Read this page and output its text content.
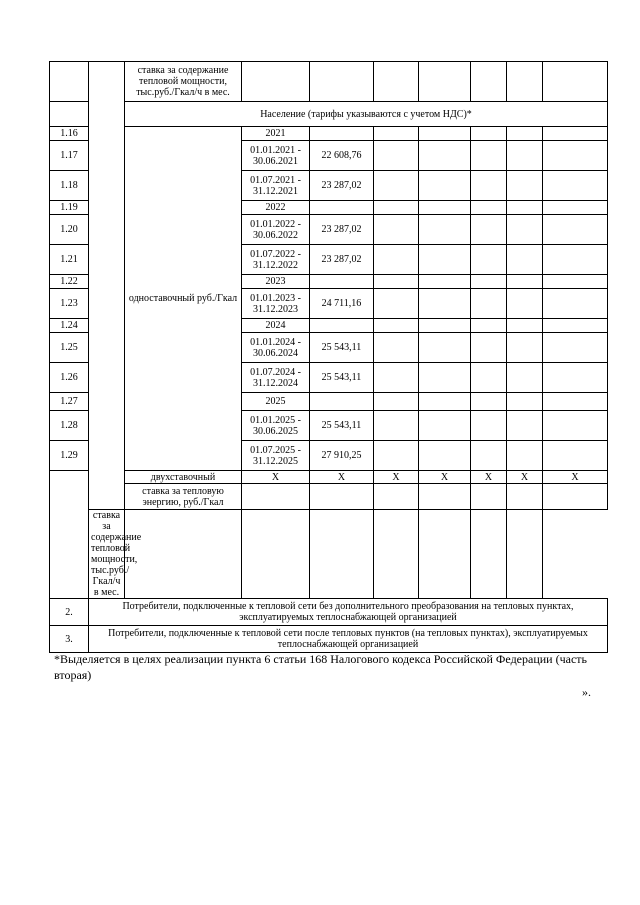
		ставка за содержание тепловой мощности, тыс.руб./Гкал/ч в мес.								
		Население (тарифы указываются с учетом НДС)*								
1.16		одноставочный руб./Гкал	2021							
1.17			01.01.2021 - 30.06.2021	22 608,76						
1.18			01.07.2021 - 31.12.2021	23 287,02						
1.19			2022							
1.20			01.01.2022 - 30.06.2022	23 287,02						
1.21			01.07.2022 - 31.12.2022	23 287,02						
1.22			2023							
1.23			01.01.2023 - 31.12.2023	24 711,16						
1.24			2024							
1.25			01.01.2024 - 30.06.2024	25 543,11						
1.26			01.07.2024 - 31.12.2024	25 543,11						
1.27			2025							
1.28			01.01.2025 - 30.06.2025	25 543,11						
1.29			01.07.2025 - 31.12.2025	27 910,25						
		двухставочный	X	X	X	X	X	X	X	
		ставка за тепловую энергию, руб./Гкал								
	ставка за содержание тепловой мощности, тыс.руб./Гкал/ч в мес.									
2.	Потребители, подключенные к тепловой сети без дополнительного преобразования на тепловых пунктах, эксплуатируемых теплоснабжающей организацией									
3.	Потребители, подключенные к тепловой сети после тепловых пунктов (на тепловых пунктах), эксплуатируемых теплоснабжающей организацией									
*Выделяется в целях реализации пункта 6 статьи 168 Налогового кодекса Российской Федерации (часть вторая)
».
